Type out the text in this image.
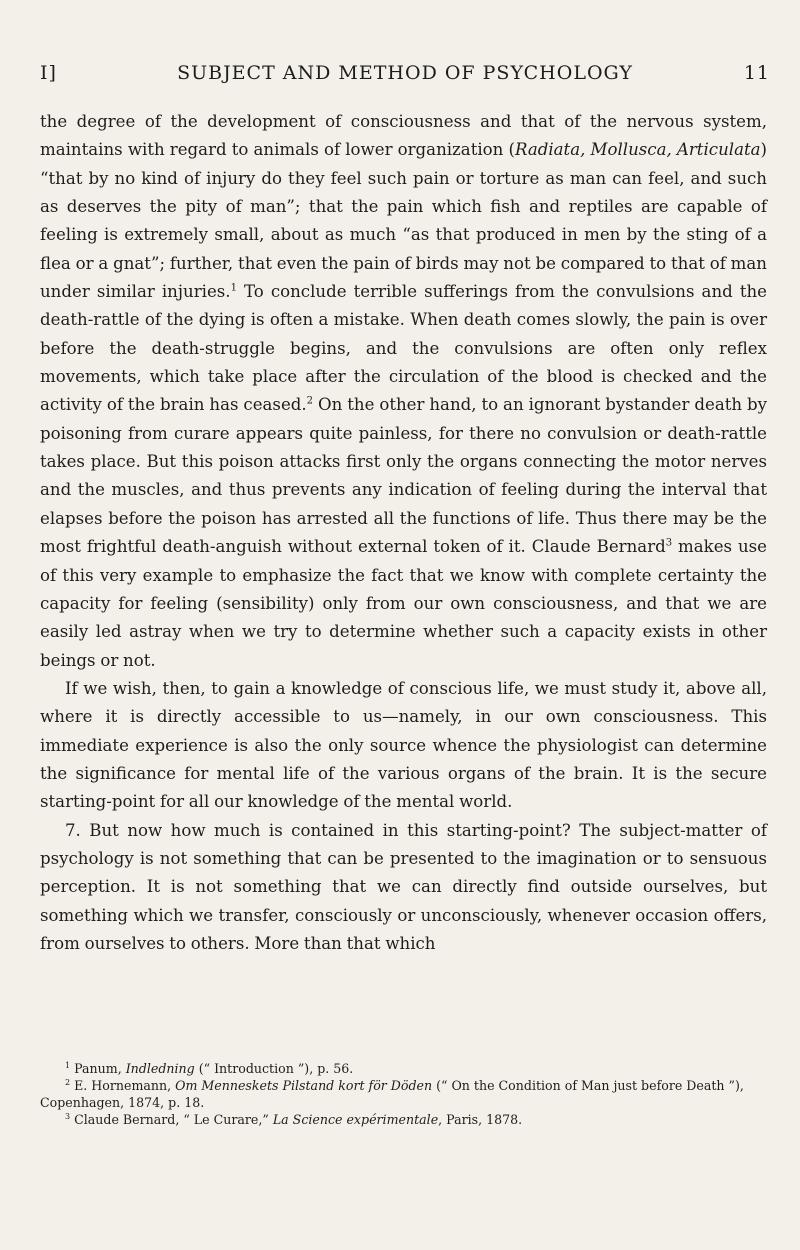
I]	SUBJECT AND METHOD OF PSYCHOLOGY	11

the degree of the development of consciousness and that of the nervous system, maintains with regard to animals of lower organization (Radiata, Mollusca, Articulata) “that by no kind of injury do they feel such pain or torture as man can feel, and such as deserves the pity of man”; that the pain which fish and reptiles are capable of feeling is extremely small, about as much “as that produced in men by the sting of a flea or a gnat”; further, that even the pain of birds may not be compared to that of man under similar injuries.$^1$ To conclude terrible sufferings from the convulsions and the death-rattle of the dying is often a mistake. When death comes slowly, the pain is over before the death-struggle begins, and the convulsions are often only reflex movements, which take place after the circulation of the blood is checked and the activity of the brain has ceased.$^2$ On the other hand, to an ignorant bystander death by poisoning from curare appears quite painless, for there no convulsion or death-rattle takes place. But this poison attacks first only the organs connecting the motor nerves and the muscles, and thus prevents any indication of feeling during the interval that elapses before the poison has arrested all the functions of life. Thus there may be the most frightful death-anguish without external token of it. Claude Bernard$^3$ makes use of this very example to emphasize the fact that we know with complete certainty the capacity for feeling (sensibility) only from our own consciousness, and that we are easily led astray when we try to determine whether such a capacity exists in other beings or not.

If we wish, then, to gain a knowledge of conscious life, we must study it, above all, where it is directly accessible to us—namely, in our own consciousness. This immediate experience is also the only source whence the physiologist can determine the significance for mental life of the various organs of the brain. It is the secure starting-point for all our knowledge of the mental world.

7. But now how much is contained in this starting-point? The subject-matter of psychology is not something that can be presented to the imagination or to sensuous perception. It is not something that we can directly find outside ourselves, but something which we transfer, consciously or unconsciously, whenever occasion offers, from ourselves to others. More than that which

$^1$ Panum, Indledning (“ Introduction ”), p. 56.
$^2$ E. Hornemann, Om Menneskets Pilstand kort för Döden (“ On the Condition of Man just before Death ”), Copenhagen, 1874, p. 18.
$^3$ Claude Bernard, “ Le Curare,” La Science expérimentale, Paris, 1878.
